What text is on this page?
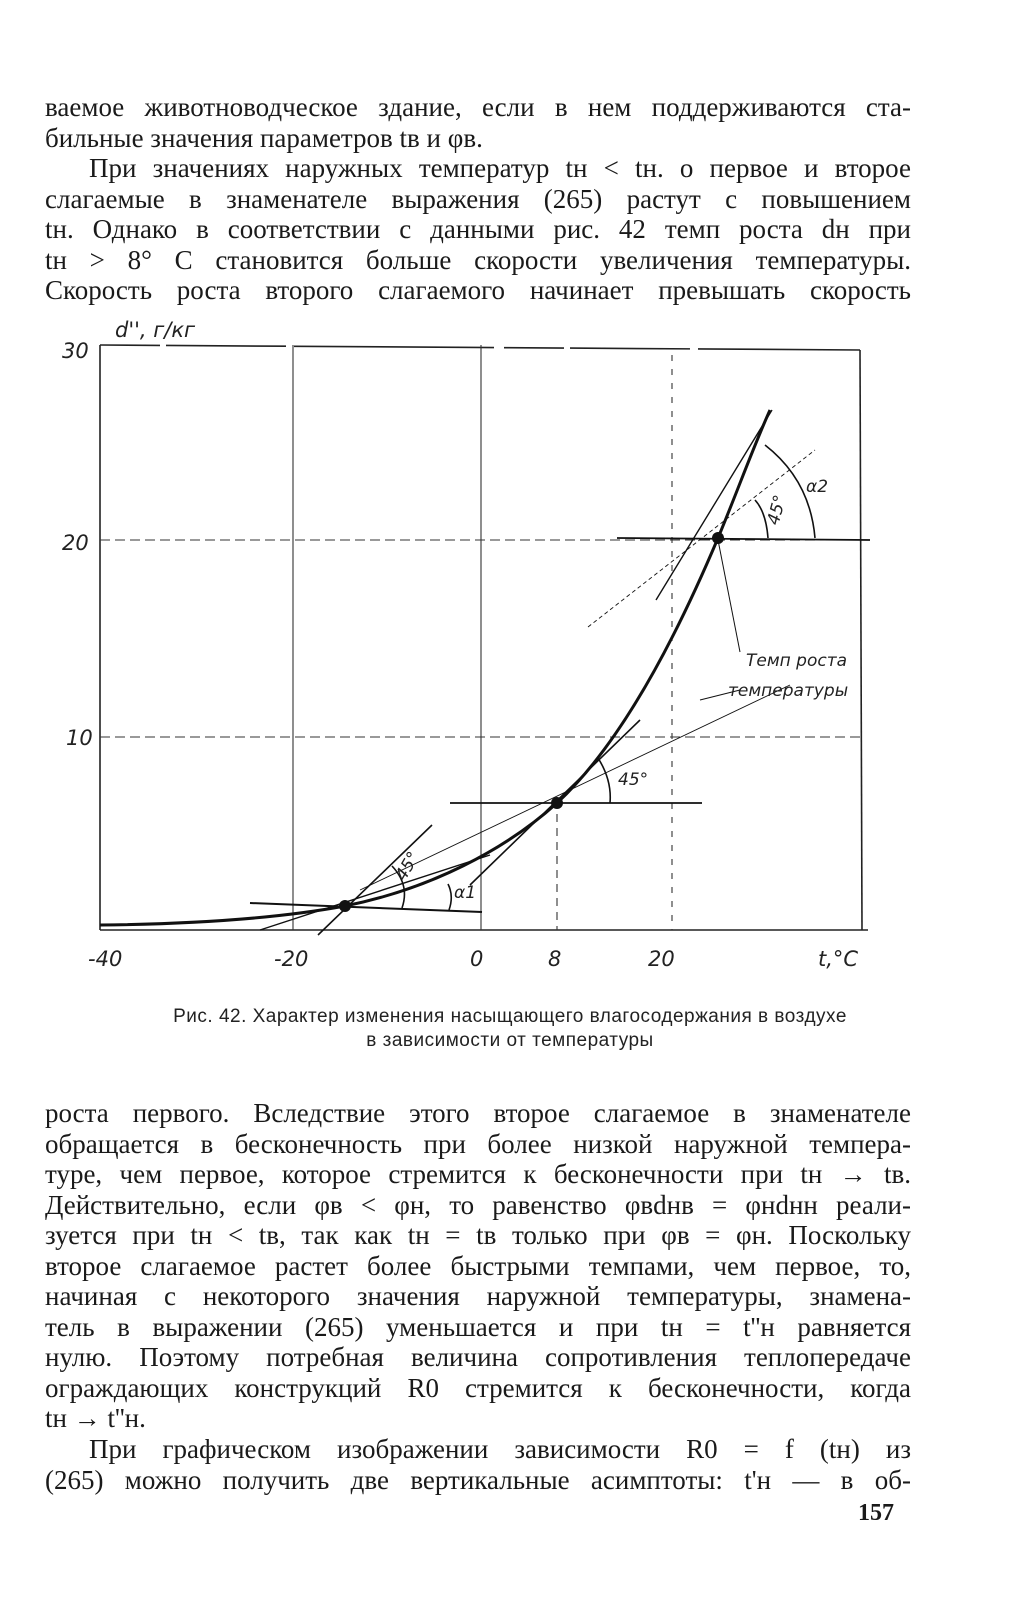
ваемое животноводческое здание, если в нем поддерживаются ста-
бильные значения параметров tв и φв.
При значениях наружных температур tн < tн. о первое и второе
слагаемые в знаменателе выражения (265) растут с повышением
tн. Однако в соответствии с данными рис. 42 темп роста dн при
tн > 8° С становится больше скорости увеличения температуры.
Скорость роста второго слагаемого начинает превышать скорость
d'', г/кг
30
20
10
-40	-20	0	8	20	t,°C
45°
α1
45°
45°
α2
Темп роста
температуры
Рис. 42. Характер изменения насыщающего влагосодержания в воздухе
в зависимости от температуры
роста первого. Вследствие этого второе слагаемое в знаменателе
обращается в бесконечность при более низкой наружной темпера-
туре, чем первое, которое стремится к бесконечности при tн → tв.
Действительно, если φв < φн, то равенство φвdнв = φнdнн реали-
зуется при tн < tв, так как tн = tв только при φв = φн. Поскольку
второе слагаемое растет более быстрыми темпами, чем первое, то,
начиная с некоторого значения наружной температуры, знамена-
тель в выражении (265) уменьшается и при tн = t''н равняется
нулю. Поэтому потребная величина сопротивления теплопередаче
ограждающих конструкций R0 стремится к бесконечности, когда
tн → t''н.
При графическом изображении зависимости R0 = f (tн) из
(265) можно получить две вертикальные асимптоты: t'н — в об-
157
